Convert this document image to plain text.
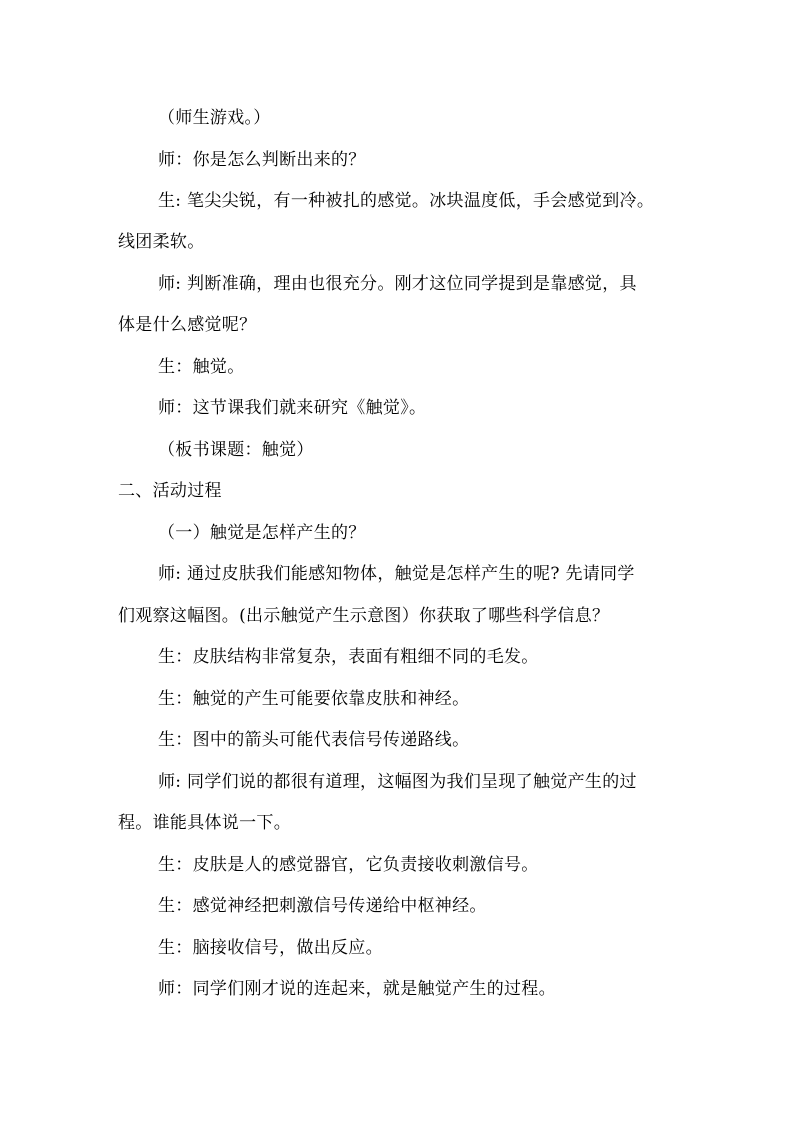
（师生游戏。）
师：你是怎么判断出来的？
生: 笔尖尖锐，有一种被扎的感觉。冰块温度低，手会感觉到冷。
线团柔软。
师: 判断准确，理由也很充分。刚才这位同学提到是靠感觉，具
体是什么感觉呢？
生：触觉。
师：这节课我们就来研究《触觉》。
（板书课题：触觉）
二、活动过程
（一）触觉是怎样产生的？
师: 通过皮肤我们能感知物体，触觉是怎样产生的呢? 先请同学
们观察这幅图。(出示触觉产生示意图）你获取了哪些科学信息？
生：皮肤结构非常复杂，表面有粗细不同的毛发。
生：触觉的产生可能要依靠皮肤和神经。
生：图中的箭头可能代表信号传递路线。
师: 同学们说的都很有道理，这幅图为我们呈现了触觉产生的过
程。谁能具体说一下。
生：皮肤是人的感觉器官，它负责接收刺激信号。
生：感觉神经把刺激信号传递给中枢神经。
生：脑接收信号，做出反应。
师：同学们刚才说的连起来，就是触觉产生的过程。
